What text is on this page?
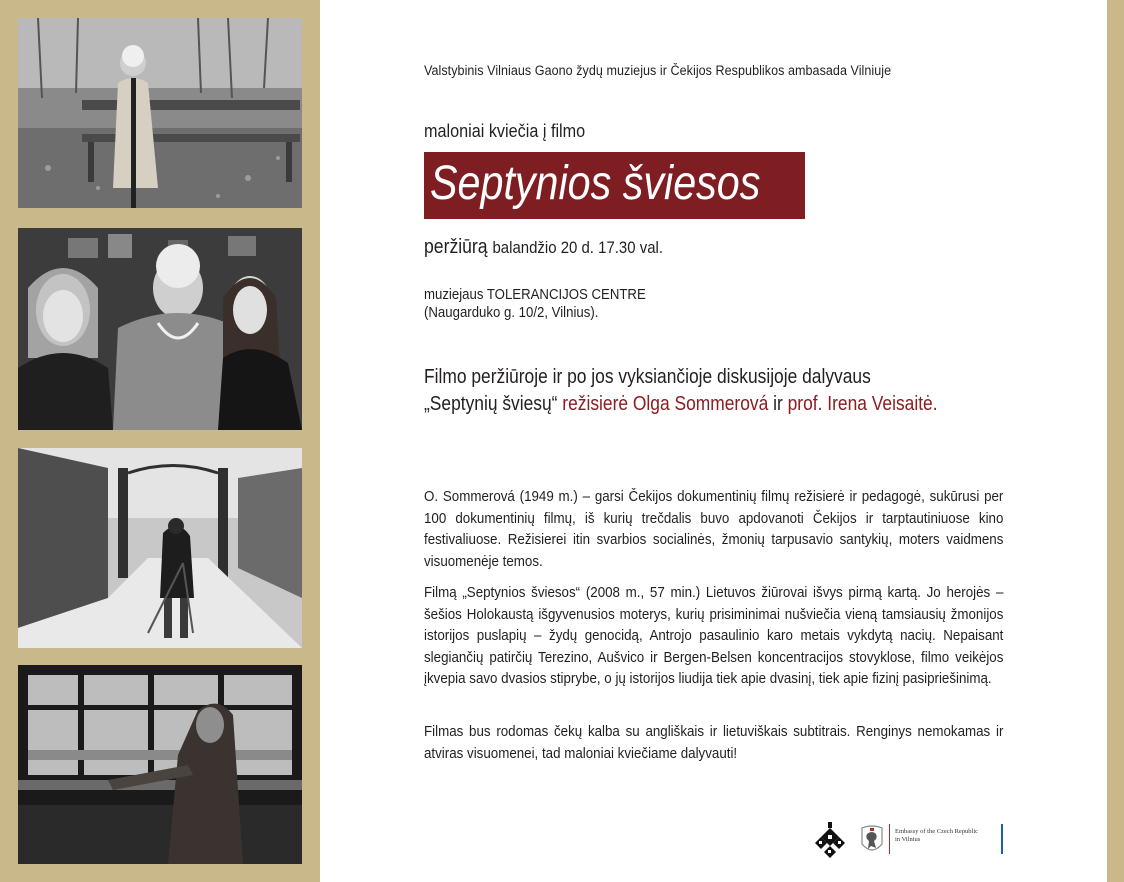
Valstybinis Vilniaus Gaono žydų muziejus ir Čekijos Respublikos ambasada Vilniuje
maloniai kviečia į filmo
Septynios šviesos
peržiūrą balandžio 20 d. 17.30 val.
muziejaus TOLERANCIJOS CENTRE
(Naugarduko g. 10/2, Vilnius).
Filmo peržiūroje ir po jos vyksiančioje diskusijoje dalyvaus
„Septynių šviesų“ režisierė Olga Sommerová ir prof. Irena Veisaitė.
O. Sommerová (1949 m.) – garsi Čekijos dokumentinių filmų režisierė ir pedagogė, sukūrusi per 100 dokumentinių filmų, iš kurių trečdalis buvo apdovanoti Čekijos ir tarptautiniuose kino festivaliuose. Režisierei itin svarbios socialinės, žmonių tarpusavio santykių, moters vaidmens visuomenėje temos.
Filmą „Septynios šviesos“ (2008 m., 57 min.) Lietuvos žiūrovai išvys pirmą kartą. Jo herojės – šešios Holokaustą išgyvenusios moterys, kurių prisiminimai nušviečia vieną tamsiausių žmonijos istorijos puslapių – žydų genocidą, Antrojo pasaulinio karo metais vykdytą nacių. Nepaisant slegiančių patirčių Terezino, Aušvico ir Bergen-Belsen koncentracijos stovyklose, filmo veikėjos įkvepia savo dvasios stiprybe, o jų istorijos liudija tiek apie dvasinį, tiek apie fizinį pasipriešinimą.
Filmas bus rodomas čekų kalba su angliškais ir lietuviškais subtitrais. Renginys nemokamas ir atviras visuomenei, tad maloniai kviečiame dalyvauti!
Embassy of the Czech Republic
in Vilnius
